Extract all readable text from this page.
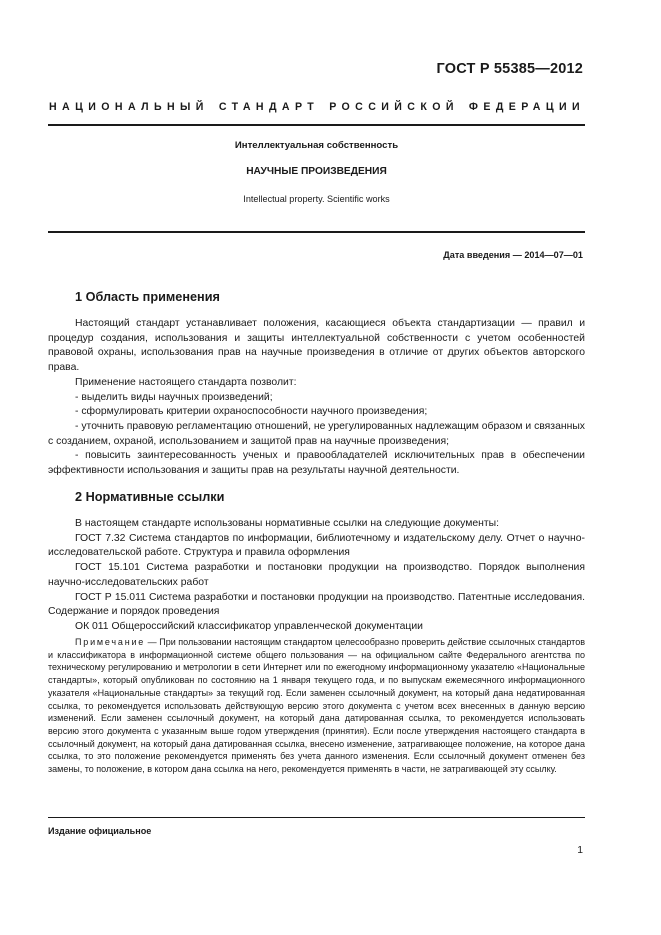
ГОСТ Р 55385—2012
НАЦИОНАЛЬНЫЙ СТАНДАРТ РОССИЙСКОЙ ФЕДЕРАЦИИ
Интеллектуальная собственность
НАУЧНЫЕ ПРОИЗВЕДЕНИЯ
Intellectual property. Scientific works
Дата введения — 2014—07—01
1 Область применения

Настоящий стандарт устанавливает положения, касающиеся объекта стандартизации — правил и процедур создания, использования и защиты интеллектуальной собственности с учетом особенностей правовой охраны, использования прав на научные произведения в отличие от других объектов авторского права.

Применение настоящего стандарта позволит:

- выделить виды научных произведений;

- сформулировать критерии охраноспособности научного произведения;

- уточнить правовую регламентацию отношений, не урегулированных надлежащим образом и связанных с созданием, охраной, использованием и защитой прав на научные произведения;

- повысить заинтересованность ученых и правообладателей исключительных прав в обеспечении эффективности использования и защиты прав на результаты научной деятельности.

2 Нормативные ссылки

В настоящем стандарте использованы нормативные ссылки на следующие документы:

ГОСТ 7.32 Система стандартов по информации, библиотечному и издательскому делу. Отчет о научно-исследовательской работе. Структура и правила оформления

ГОСТ 15.101 Система разработки и постановки продукции на производство. Порядок выполнения научно-исследовательских работ

ГОСТ Р 15.011 Система разработки и постановки продукции на производство. Патентные исследования. Содержание и порядок проведения

ОК 011 Общероссийский классификатор управленческой документации

Примечание — При пользовании настоящим стандартом целесообразно проверить действие ссылочных стандартов и классификатора в информационной системе общего пользования — на официальном сайте Федерального агентства по техническому регулированию и метрологии в сети Интернет или по ежегодному информационному указателю «Национальные стандарты», который опубликован по состоянию на 1 января текущего года, и по выпускам ежемесячного информационного указателя «Национальные стандарты» за текущий год. Если заменен ссылочный документ, на который дана недатированная ссылка, то рекомендуется использовать действующую версию этого документа с учетом всех внесенных в данную версию изменений. Если заменен ссылочный документ, на который дана датированная ссылка, то рекомендуется использовать версию этого документа с указанным выше годом утверждения (принятия). Если после утверждения настоящего стандарта в ссылочный документ, на который дана датированная ссылка, внесено изменение, затрагивающее положение, на которое дана ссылка, то это положение рекомендуется применять без учета данного изменения. Если ссылочный документ отменен без замены, то положение, в котором дана ссылка на него, рекомендуется применять в части, не затрагивающей эту ссылку.

Издание официальное
1
